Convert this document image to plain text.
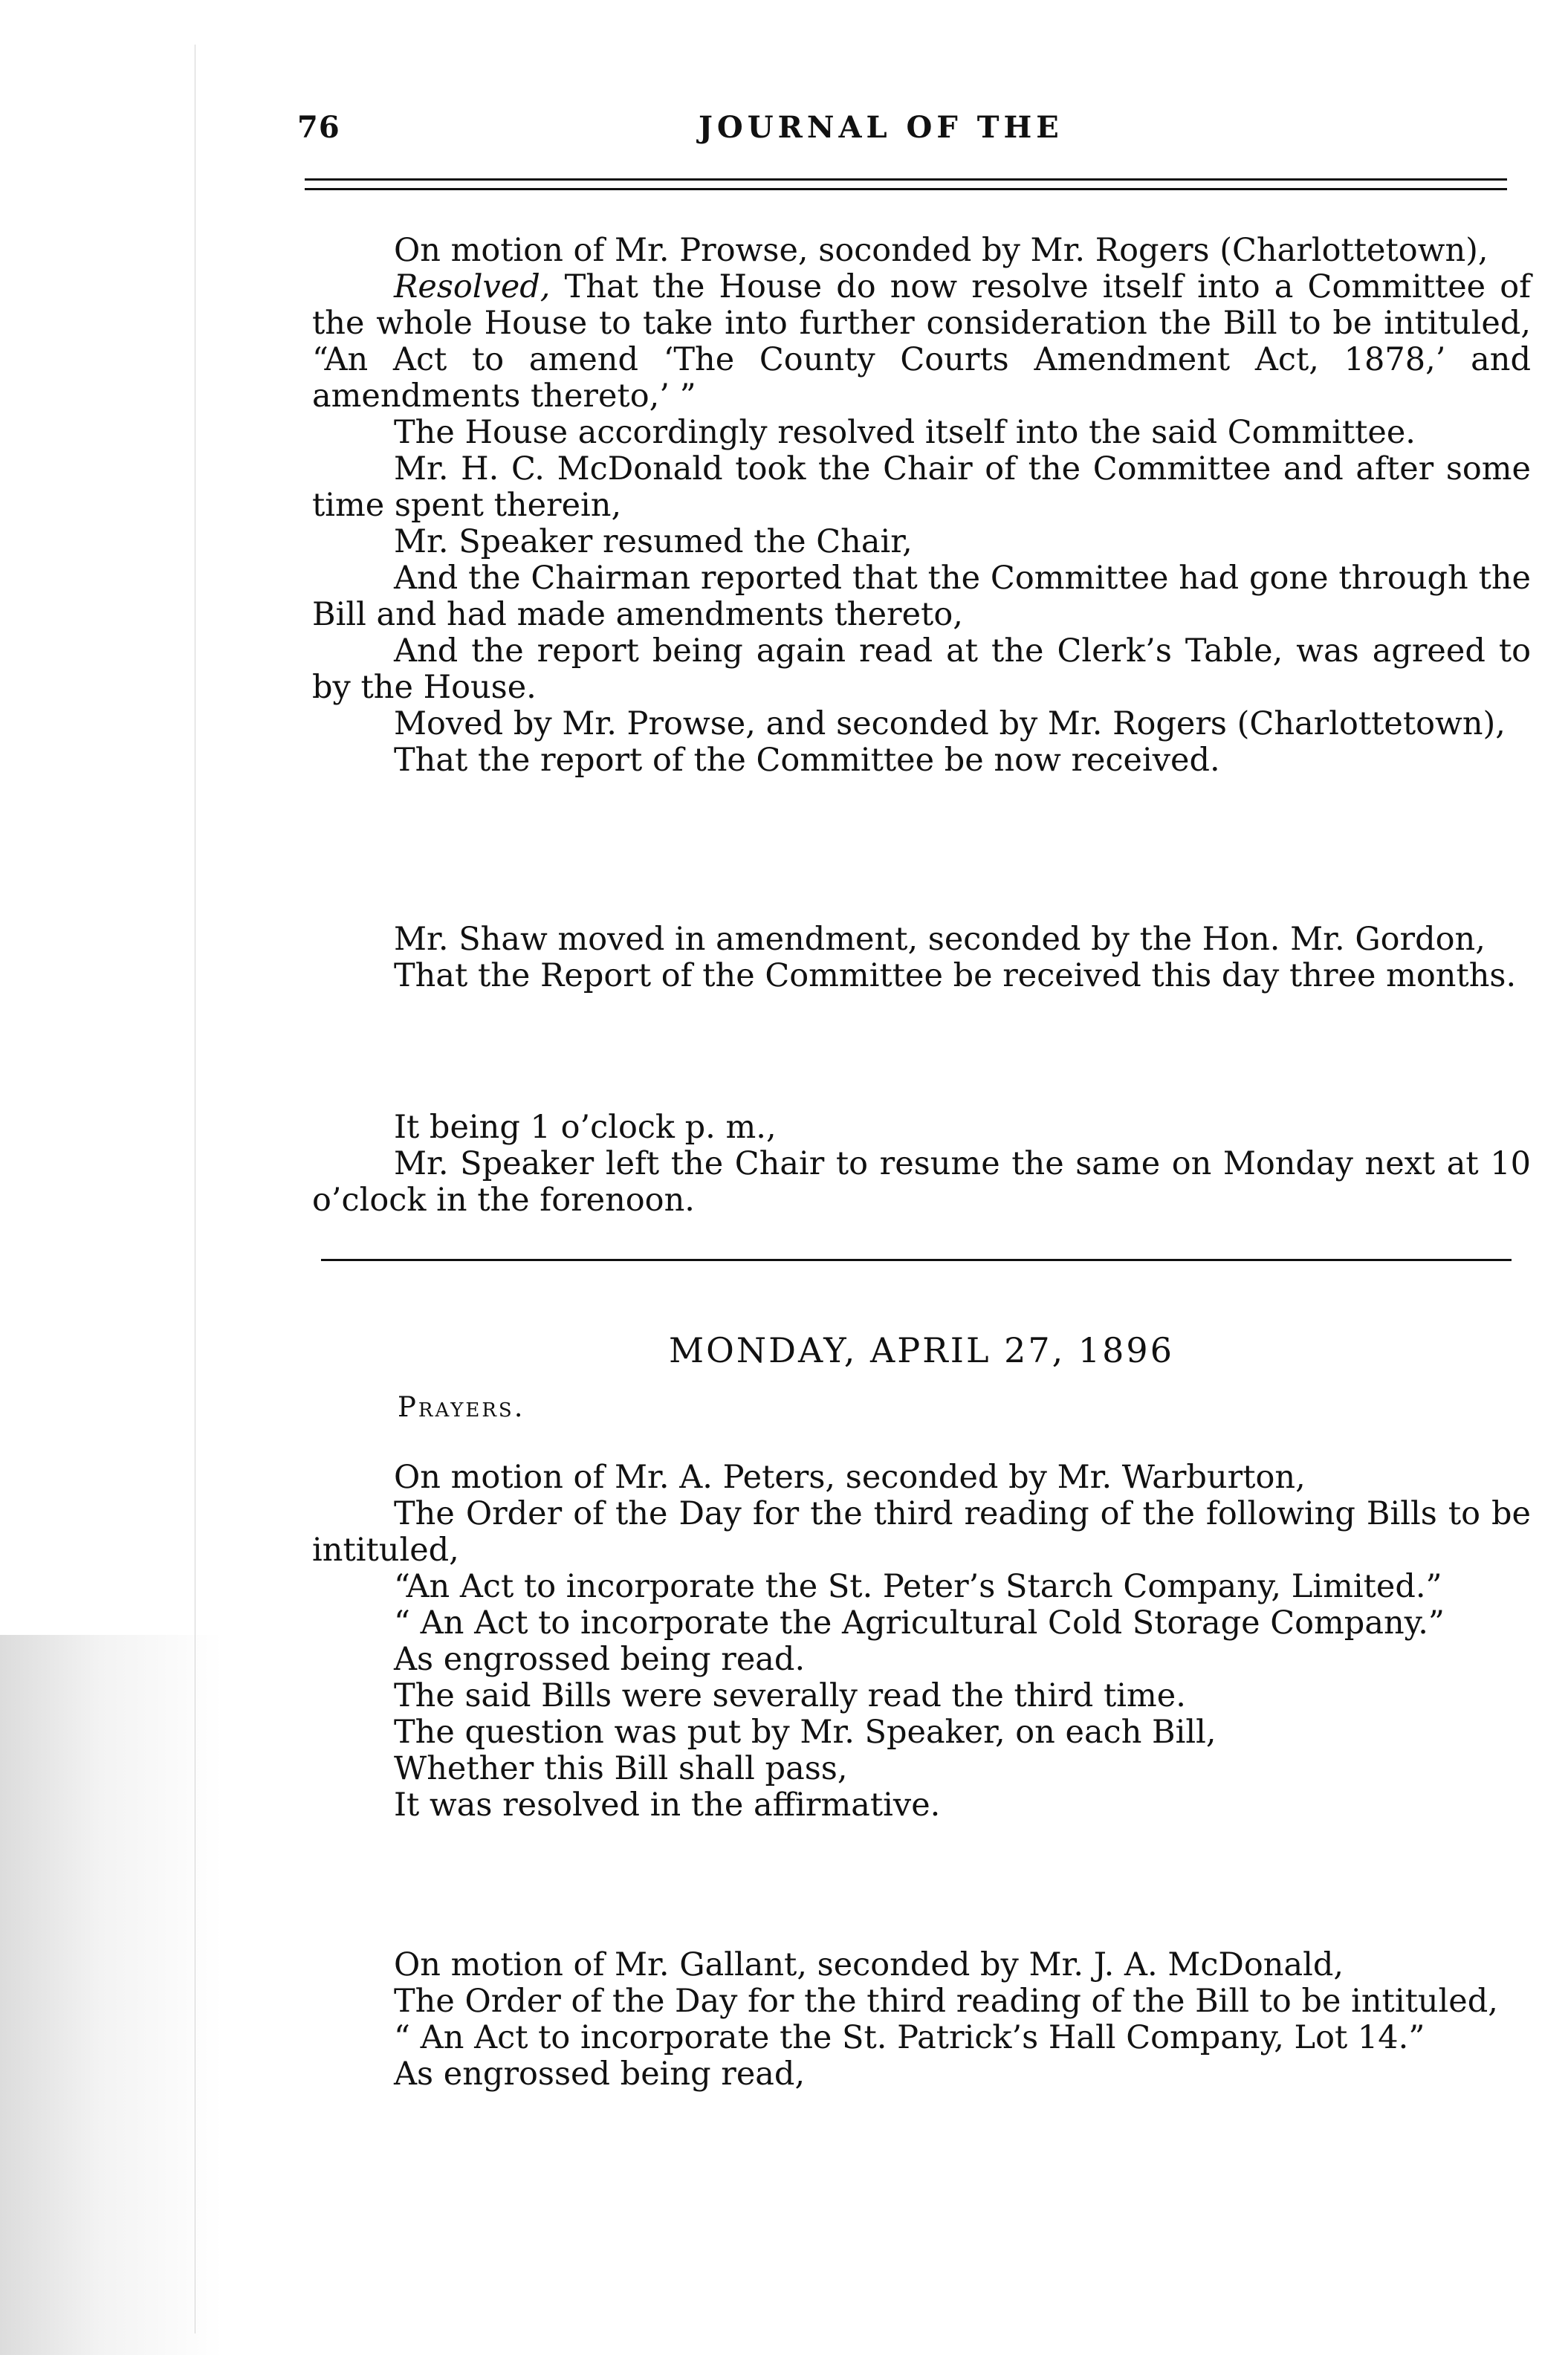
76	JOURNAL OF THE

On motion of Mr. Prowse, soconded by Mr. Rogers (Charlottetown),

Resolved, That the House do now resolve itself into a Committee of the whole House to take into further consideration the Bill to be intituled, “An Act to amend ‘The County Courts Amendment Act, 1878,’ and amendments thereto,’ ”

The House accordingly resolved itself into the said Committee.

Mr. H. C. McDonald took the Chair of the Committee and after some time spent therein,

Mr. Speaker resumed the Chair,

And the Chairman reported that the Committee had gone through the Bill and had made amendments thereto,

And the report being again read at the Clerk’s Table, was agreed to by the House.

Moved by Mr. Prowse, and seconded by Mr. Rogers (Charlottetown),

That the report of the Committee be now received.

Mr. Shaw moved in amendment, seconded by the Hon. Mr. Gordon,

That the Report of the Committee be received this day three months.

It being 1 o’clock p. m.,

Mr. Speaker left the Chair to resume the same on Monday next at 10 o’clock in the forenoon.

MONDAY, APRIL 27, 1896
Prayers.

On motion of Mr. A. Peters, seconded by Mr. Warburton,

The Order of the Day for the third reading of the following Bills to be intituled,

“An Act to incorporate the St. Peter’s Starch Company, Limited.”

“ An Act to incorporate the Agricultural Cold Storage Company.”

As engrossed being read.

The said Bills were severally read the third time.

The question was put by Mr. Speaker, on each Bill,

Whether this Bill shall pass,

It was resolved in the affirmative.

On motion of Mr. Gallant, seconded by Mr. J. A. McDonald,

The Order of the Day for the third reading of the Bill to be intituled,

“ An Act to incorporate the St. Patrick’s Hall Company, Lot 14.”

As engrossed being read,
